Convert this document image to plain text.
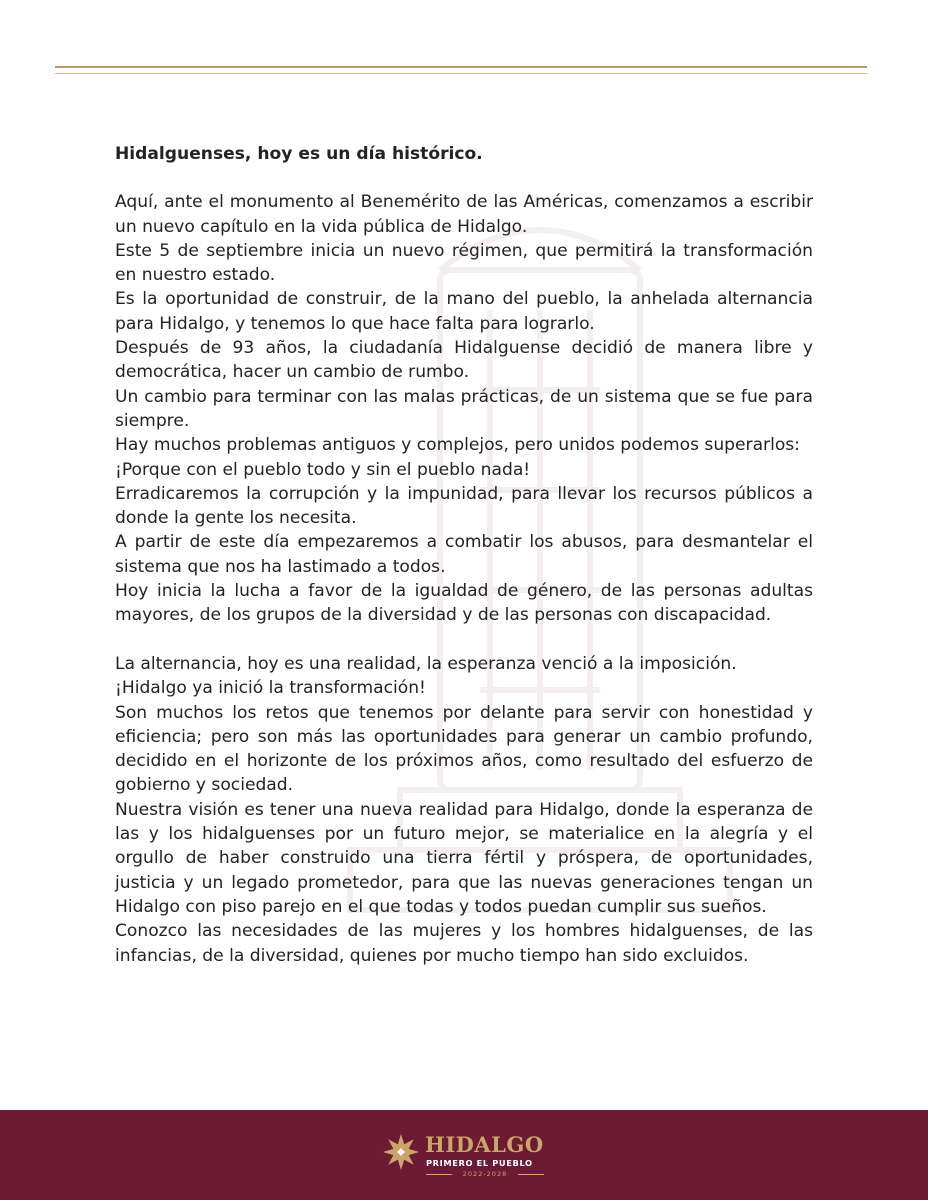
Hidalguenses, hoy es un día histórico.

Aquí, ante el monumento al Benemérito de las Américas, comenzamos a escribir un nuevo capítulo en la vida pública de Hidalgo.

Este 5 de septiembre inicia un nuevo régimen, que permitirá la transformación en nuestro estado.

Es la oportunidad de construir, de la mano del pueblo, la anhelada alternancia para Hidalgo, y tenemos lo que hace falta para lograrlo.

Después de 93 años, la ciudadanía Hidalguense decidió de manera libre y democrática, hacer un cambio de rumbo.

Un cambio para terminar con las malas prácticas, de un sistema que se fue para siempre.

Hay muchos problemas antiguos y complejos, pero unidos podemos superarlos:

¡Porque con el pueblo todo y sin el pueblo nada!

Erradicaremos la corrupción y la impunidad, para llevar los recursos públicos a donde la gente los necesita.

A partir de este día empezaremos a combatir los abusos, para desmantelar el sistema que nos ha lastimado a todos.

Hoy inicia la lucha a favor de la igualdad de género, de las personas adultas mayores, de los grupos de la diversidad y de las personas con discapacidad.

La alternancia, hoy es una realidad, la esperanza venció a la imposición.

¡Hidalgo ya inició la transformación!

Son muchos los retos que tenemos por delante para servir con honestidad y eficiencia; pero son más las oportunidades para generar un cambio profundo, decidido en el horizonte de los próximos años, como resultado del esfuerzo de gobierno y sociedad.

Nuestra visión es tener una nueva realidad para Hidalgo, donde la esperanza de las y los hidalguenses por un futuro mejor, se materialice en la alegría y el orgullo de haber construido una tierra fértil y próspera, de oportunidades, justicia y un legado prometedor, para que las nuevas generaciones tengan un Hidalgo con piso parejo en el que todas y todos puedan cumplir sus sueños.

Conozco las necesidades de las mujeres y los hombres hidalguenses, de las infancias, de la diversidad, quienes por mucho tiempo han sido excluidos.

HIDALGO
PRIMERO EL PUEBLO
2022-2028
